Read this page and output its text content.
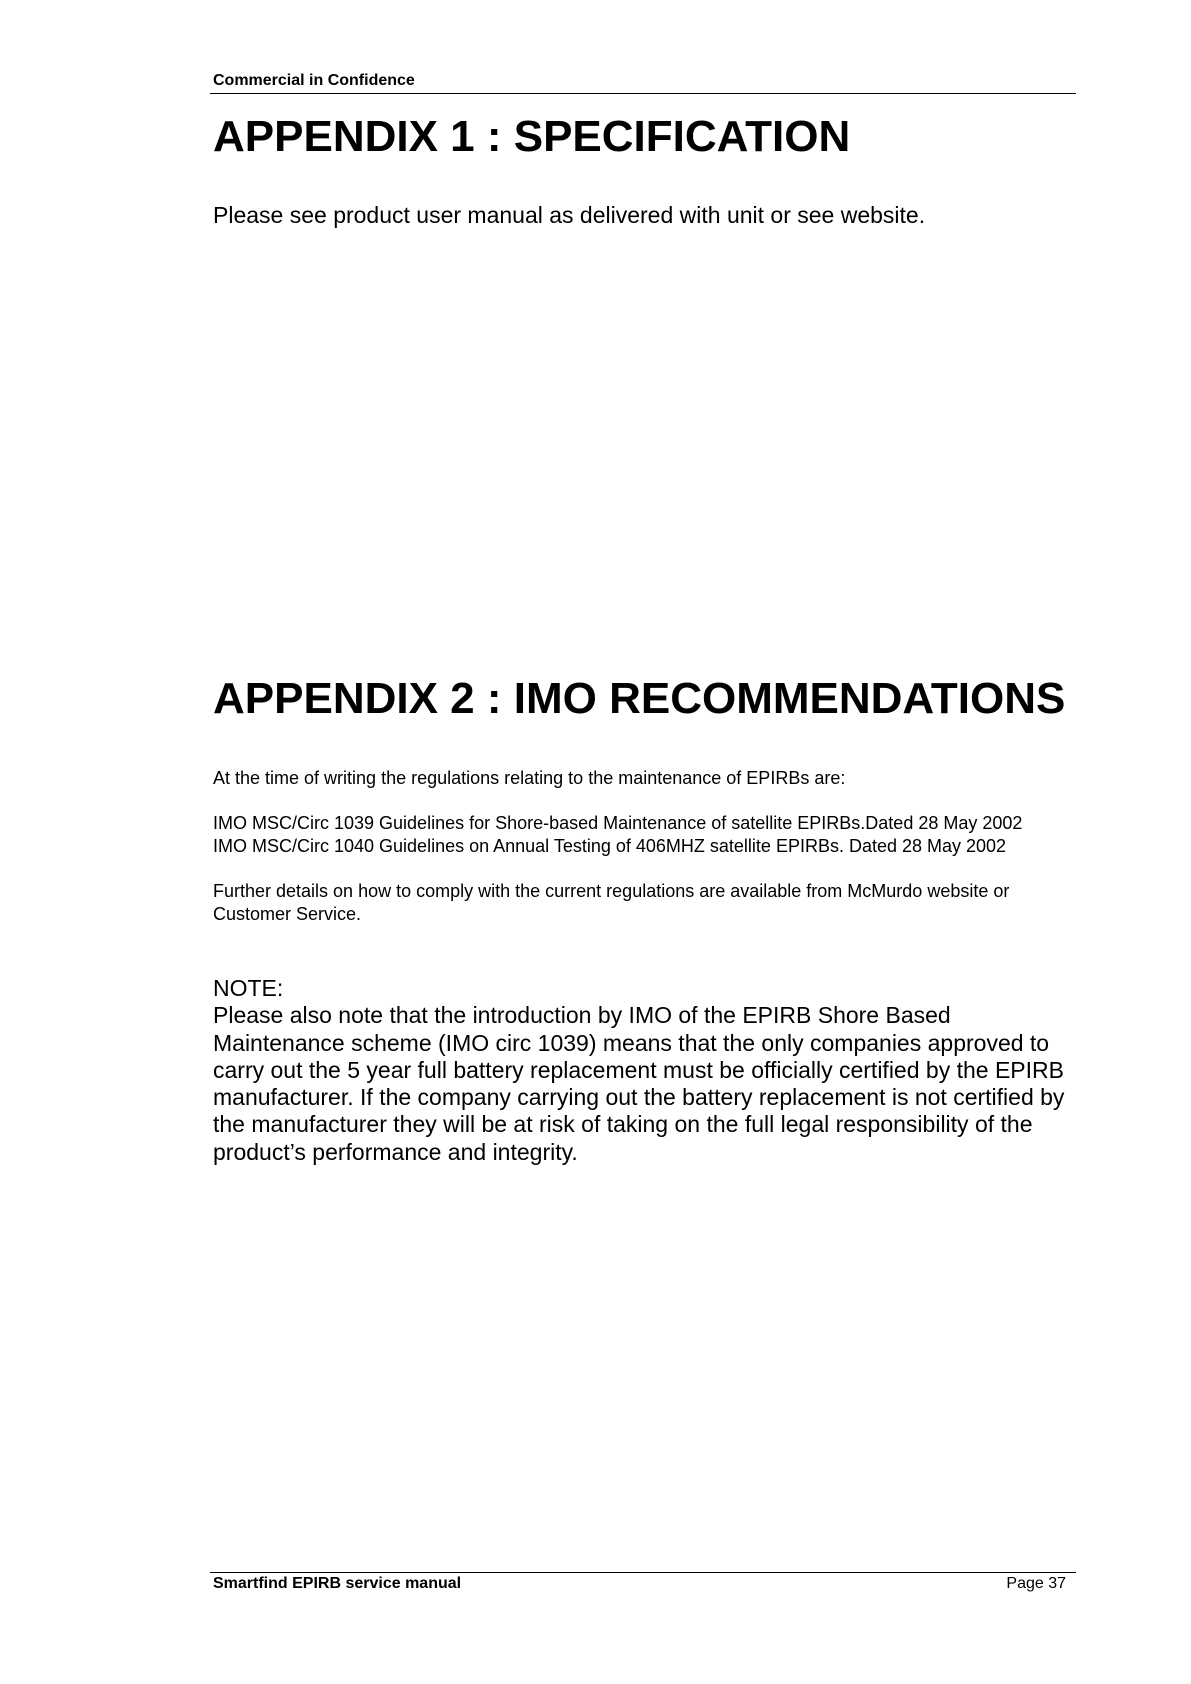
Commercial in Confidence
APPENDIX 1 : SPECIFICATION

Please see product user manual as delivered with unit or see website.

APPENDIX 2 : IMO RECOMMENDATIONS

At the time of writing the regulations relating to the maintenance of EPIRBs are:

IMO MSC/Circ 1039 Guidelines for Shore-based Maintenance of satellite EPIRBs.Dated 28 May 2002
IMO MSC/Circ 1040 Guidelines on Annual Testing of 406MHZ satellite EPIRBs. Dated 28 May 2002

Further details on how to comply with the current regulations are available from McMurdo website or
Customer Service.

NOTE:
Please also note that the introduction by IMO of the EPIRB Shore Based
Maintenance scheme (IMO circ 1039) means that the only companies approved to
carry out the 5 year full battery replacement must be officially certified by the EPIRB
manufacturer. If the company carrying out the battery replacement is not certified by
the manufacturer they will be at risk of taking on the full legal responsibility of the
product’s performance and integrity.
Smartfind EPIRB service manual	Page 37
